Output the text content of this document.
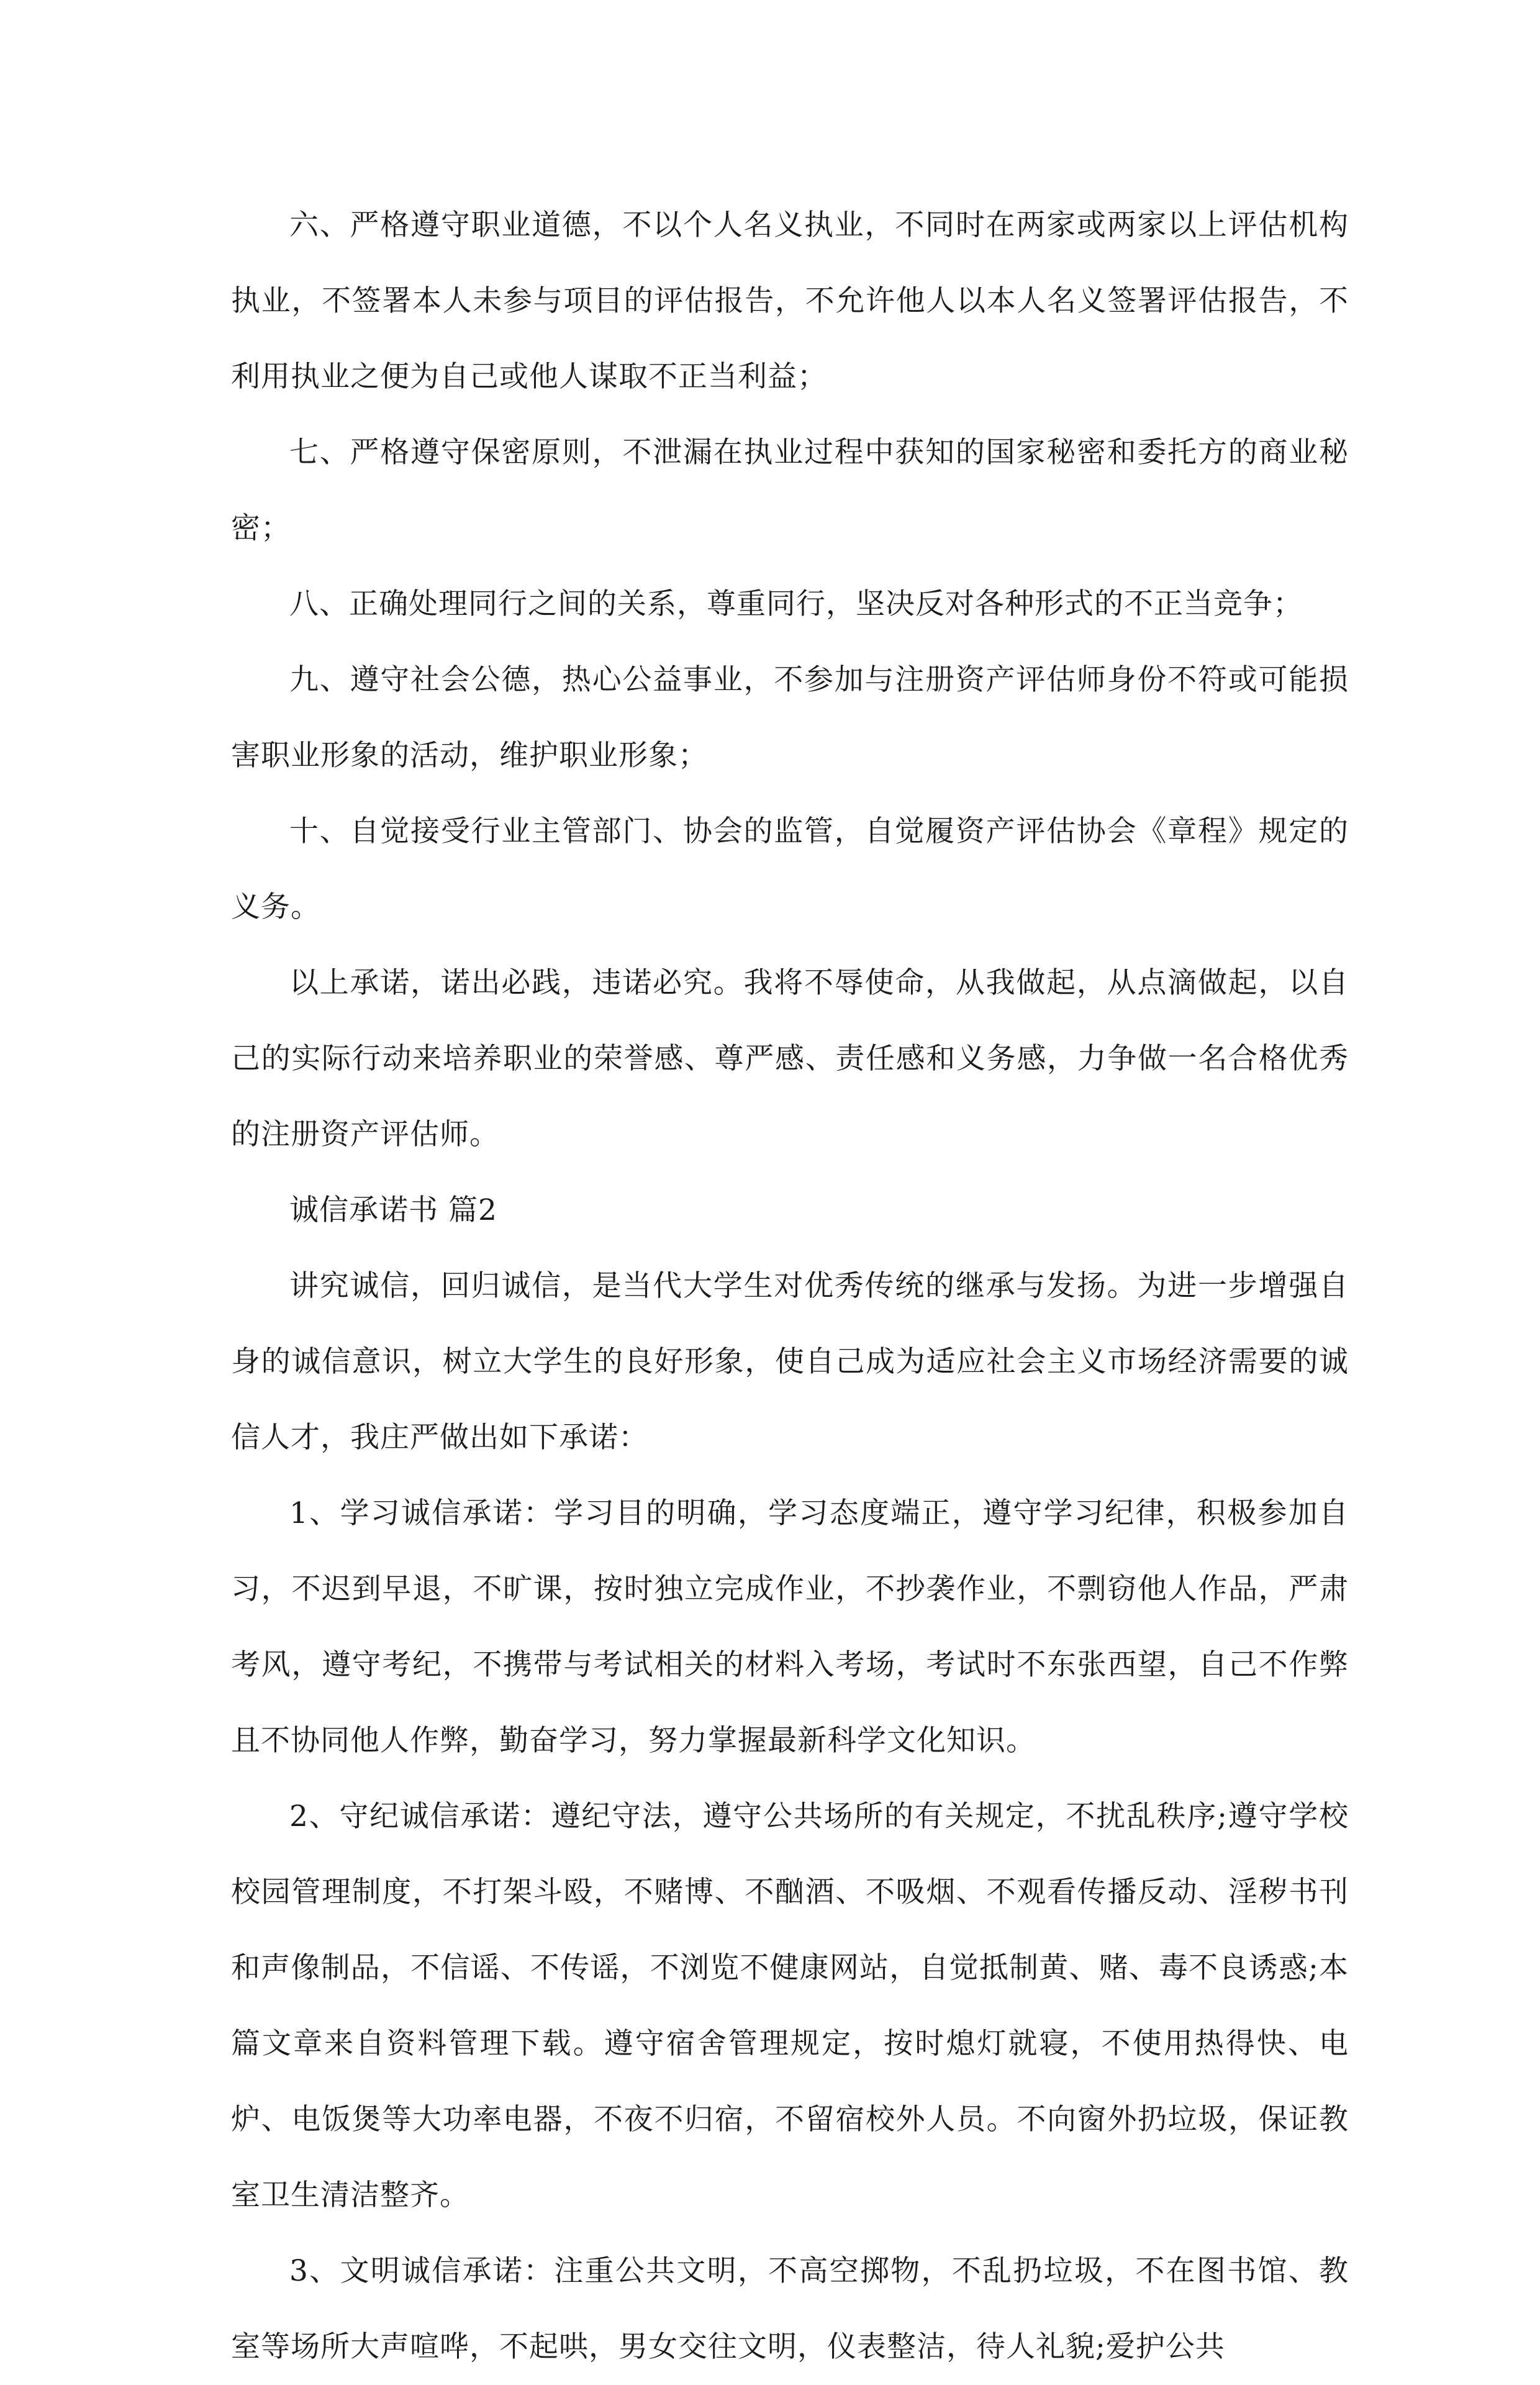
六、严格遵守职业道德，不以个人名义执业，不同时在两家或两家以上评估机构执业，不签署本人未参与项目的评估报告，不允许他人以本人名义签署评估报告，不利用执业之便为自己或他人谋取不正当利益；

七、严格遵守保密原则，不泄漏在执业过程中获知的国家秘密和委托方的商业秘密；

八、正确处理同行之间的关系，尊重同行，坚决反对各种形式的不正当竞争；

九、遵守社会公德，热心公益事业，不参加与注册资产评估师身份不符或可能损害职业形象的活动，维护职业形象；

十、自觉接受行业主管部门、协会的监管，自觉履资产评估协会《章程》规定的义务。

以上承诺，诺出必践，违诺必究。我将不辱使命，从我做起，从点滴做起，以自己的实际行动来培养职业的荣誉感、尊严感、责任感和义务感，力争做一名合格优秀的注册资产评估师。

诚信承诺书 篇2

讲究诚信，回归诚信，是当代大学生对优秀传统的继承与发扬。为进一步增强自身的诚信意识，树立大学生的良好形象，使自己成为适应社会主义市场经济需要的诚信人才，我庄严做出如下承诺：

1、学习诚信承诺：学习目的明确，学习态度端正，遵守学习纪律，积极参加自习，不迟到早退，不旷课，按时独立完成作业，不抄袭作业，不剽窃他人作品，严肃考风，遵守考纪，不携带与考试相关的材料入考场，考试时不东张西望，自己不作弊且不协同他人作弊，勤奋学习，努力掌握最新科学文化知识。

2、守纪诚信承诺：遵纪守法，遵守公共场所的有关规定，不扰乱秩序;遵守学校校园管理制度，不打架斗殴，不赌博、不酗酒、不吸烟、不观看传播反动、淫秽书刊和声像制品，不信谣、不传谣，不浏览不健康网站，自觉抵制黄、赌、毒不良诱惑;本篇文章来自资料管理下载。遵守宿舍管理规定，按时熄灯就寝，不使用热得快、电炉、电饭煲等大功率电器，不夜不归宿，不留宿校外人员。不向窗外扔垃圾，保证教室卫生清洁整齐。

3、文明诚信承诺：注重公共文明，不高空掷物，不乱扔垃圾，不在图书馆、教室等场所大声喧哗，不起哄，男女交往文明，仪表整洁，待人礼貌;爱护公共
